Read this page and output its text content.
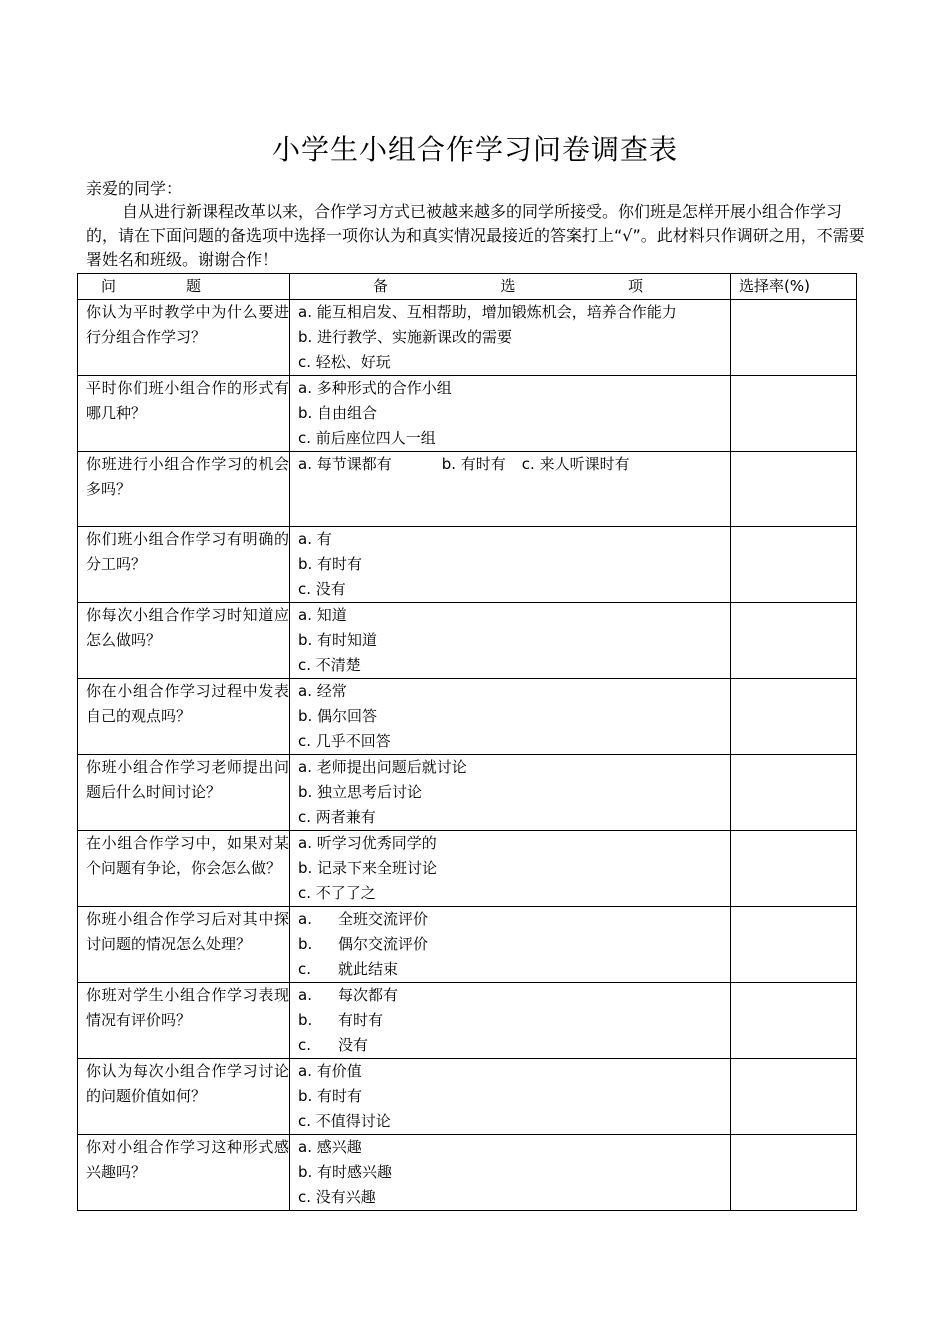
小学生小组合作学习问卷调查表
亲爱的同学：
自从进行新课程改革以来，合作学习方式已被越来越多的同学所接受。你们班是怎样开展小组合作学习的，请在下面问题的备选项中选择一项你认为和真实情况最接近的答案打上“√”。此材料只作调研之用，不需要署姓名和班级。谢谢合作！
问 题	备 选 项	选择率(%)
你认为平时教学中为什么要进行分组合作学习？	a. 能互相启发、互相帮助，增加锻炼机会，培养合作能力
b. 进行教学、实施新课改的需要
c. 轻松、好玩	

平时你们班小组合作的形式有哪几种？	a. 多种形式的合作小组
b. 自由组合
c. 前后座位四人一组	

你班进行小组合作学习的机会多吗？	a. 每节课都有 b. 有时有 c. 来人听课时有	
你们班小组合作学习有明确的分工吗？	a. 有
b. 有时有
c. 没有	

你每次小组合作学习时知道应怎么做吗？	a. 知道
b. 有时知道
c. 不清楚	

你在小组合作学习过程中发表自己的观点吗？	a. 经常
b. 偶尔回答
c. 几乎不回答	

你班小组合作学习老师提出问题后什么时间讨论？	a. 老师提出问题后就讨论
b. 独立思考后讨论
c. 两者兼有	

在小组合作学习中，如果对某个问题有争论，你会怎么做？	a. 听学习优秀同学的
b. 记录下来全班讨论
c. 不了了之	

你班小组合作学习后对其中探讨问题的情况怎么处理？	a. 全班交流评价
b. 偶尔交流评价
c. 就此结束	

你班对学生小组合作学习表现情况有评价吗？	a. 每次都有
b. 有时有
c. 没有	

你认为每次小组合作学习讨论的问题价值如何？	a. 有价值
b. 有时有
c. 不值得讨论	

你对小组合作学习这种形式感兴趣吗？	a. 感兴趣
b. 有时感兴趣
c. 没有兴趣	
